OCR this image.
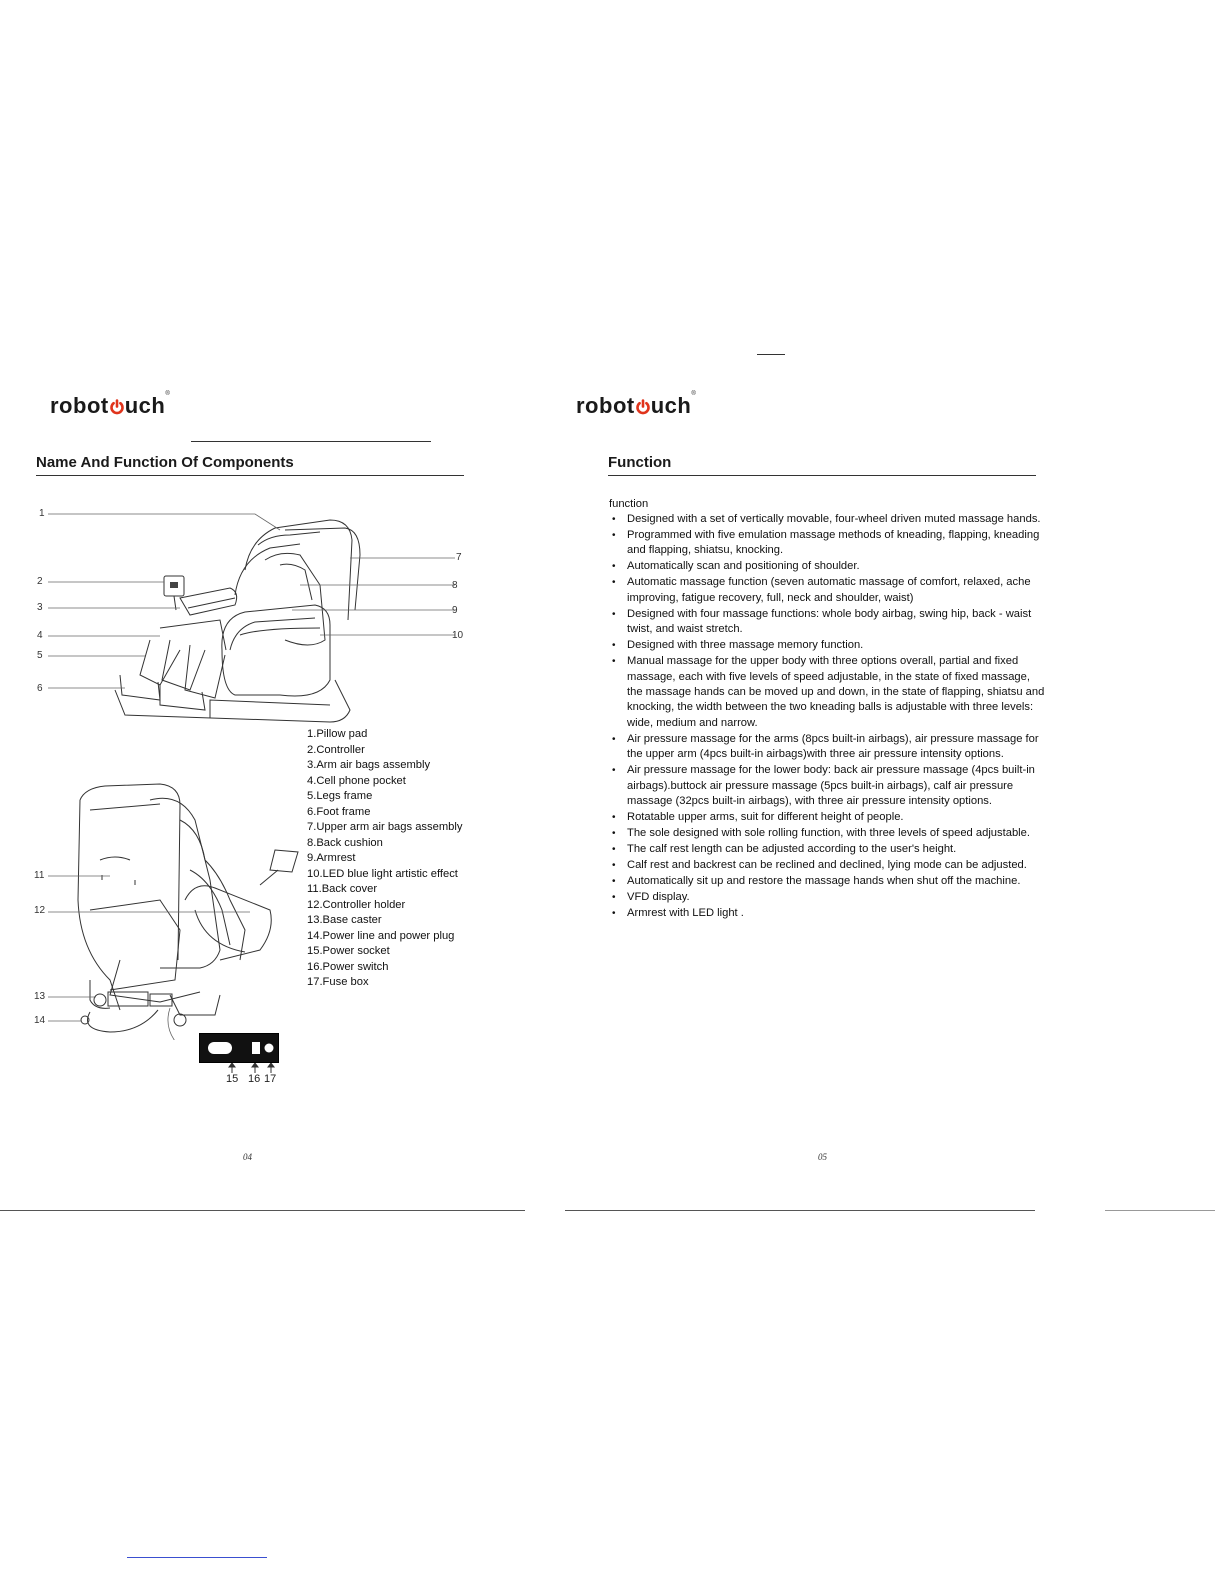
robot uch®
Name And Function Of Components
1
2
3
4
5
6
7
8
9
10
11
12
13
14
15 16 17
1.Pillow pad
2.Controller
3.Arm air bags assembly
4.Cell phone pocket
5.Legs frame
6.Foot frame
7.Upper arm air bags assembly
8.Back cushion
9.Armrest
10.LED blue light artistic effect
11.Back cover
12.Controller holder
13.Base caster
14.Power line and power plug
15.Power socket
16.Power switch
17.Fuse box
04
robot uch®
Function
function
• Designed with a set of vertically movable, four-wheel driven muted massage hands.
• Programmed with five emulation massage methods of kneading, flapping, kneading and flapping, shiatsu, knocking.
• Automatically scan and positioning of shoulder.
• Automatic massage function (seven automatic massage of comfort, relaxed, ache improving, fatigue recovery, full, neck and shoulder, waist)
• Designed with four massage functions: whole body airbag, swing hip, back - waist twist, and waist stretch.
• Designed with three massage memory function.
• Manual massage for the upper body with three options overall, partial and fixed massage, each with five levels of speed adjustable, in the state of fixed massage, the massage hands can be moved up and down, in the state of flapping, shiatsu and knocking, the width between the two kneading balls is adjustable with three levels: wide, medium and narrow.
• Air pressure massage for the arms (8pcs built-in airbags), air pressure massage for the upper arm (4pcs built-in airbags)with three air pressure intensity options.
• Air pressure massage for the lower body: back air pressure massage (4pcs built-in airbags).buttock air pressure massage (5pcs built-in airbags), calf air pressure massage (32pcs built-in airbags), with three air pressure intensity options.
• Rotatable upper arms, suit for different height of people.
• The sole designed with sole rolling function, with three levels of speed adjustable.
• The calf rest length can be adjusted according to the user's height.
• Calf rest and backrest can be reclined and declined, lying mode can be adjusted.
• Automatically sit up and restore the massage hands when shut off the machine.
• VFD display.
• Armrest with LED light .
05
